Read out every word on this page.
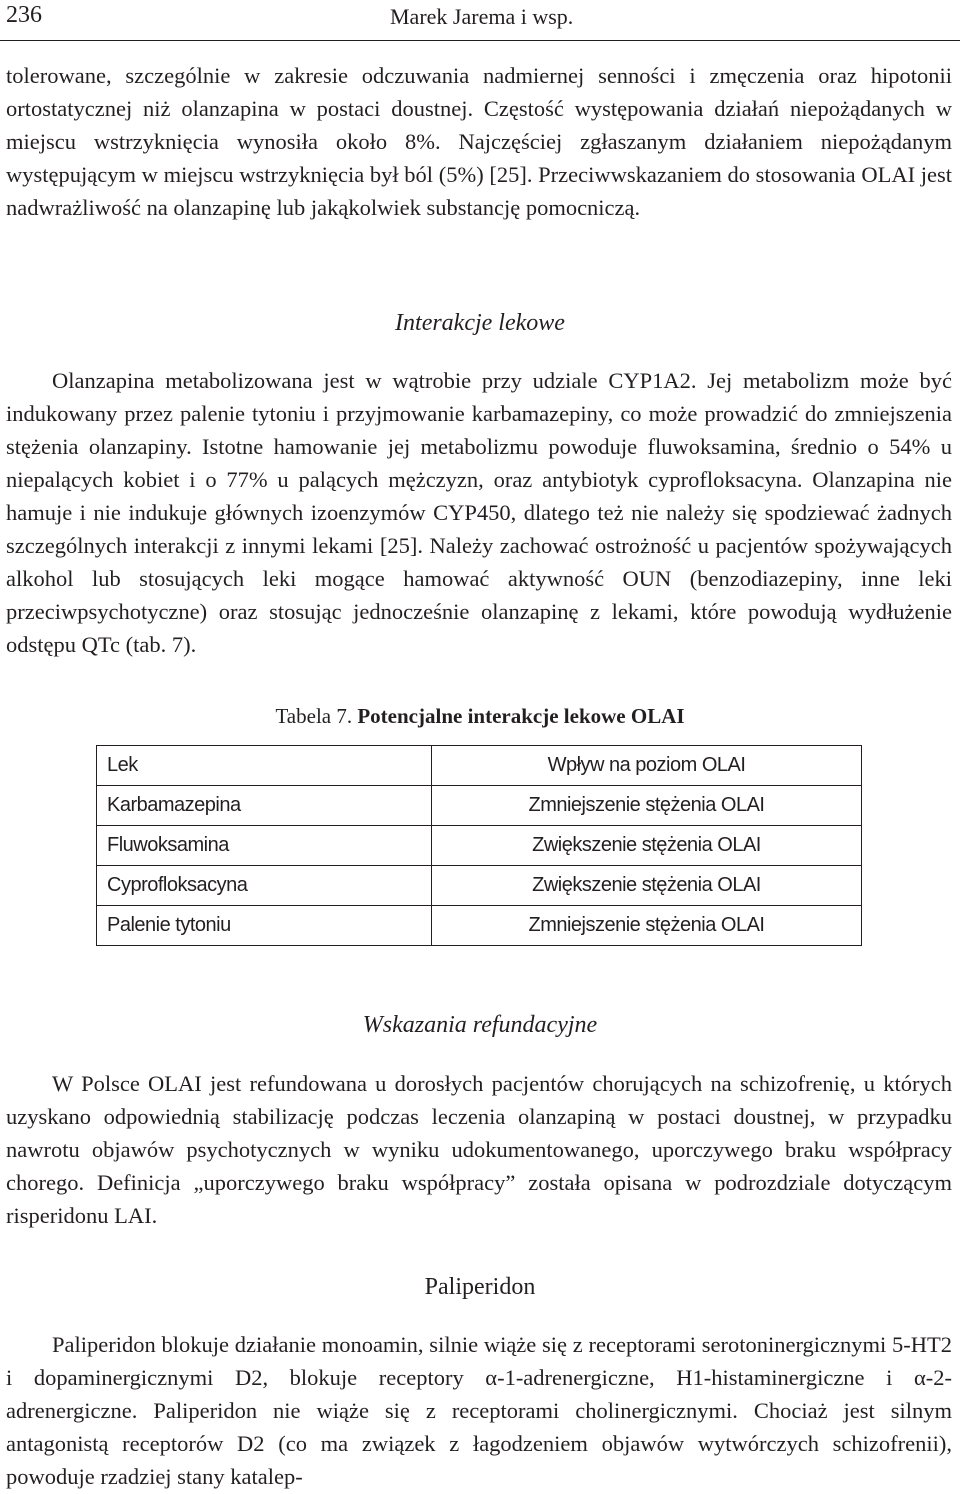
236	Marek Jarema i wsp.

tolerowane, szczególnie w zakresie odczuwania nadmiernej senności i zmęczenia oraz hipotonii ortostatycznej niż olanzapina w postaci doustnej. Częstość występowania działań niepożądanych w miejscu wstrzyknięcia wynosiła około 8%. Najczęściej zgłaszanym działaniem niepożądanym występującym w miejscu wstrzyknięcia był ból (5%) [25]. Przeciwwskazaniem do stosowania OLAI jest nadwrażliwość na olanzapinę lub jakąkolwiek substancję pomocniczą.

Interakcje lekowe

Olanzapina metabolizowana jest w wątrobie przy udziale CYP1A2. Jej metabolizm może być indukowany przez palenie tytoniu i przyjmowanie karbamazepiny, co może prowadzić do zmniejszenia stężenia olanzapiny. Istotne hamowanie jej metabolizmu powoduje fluwoksamina, średnio o 54% u niepalących kobiet i o 77% u palących mężczyzn, oraz antybiotyk cyprofloksacyna. Olanzapina nie hamuje i nie indukuje głównych izoenzymów CYP450, dlatego też nie należy się spodziewać żadnych szczególnych interakcji z innymi lekami [25]. Należy zachować ostrożność u pacjentów spożywających alkohol lub stosujących leki mogące hamować aktywność OUN (benzodiazepiny, inne leki przeciwpsychotyczne) oraz stosując jednocześnie olanzapinę z lekami, które powodują wydłużenie odstępu QTc (tab. 7).

Tabela 7. Potencjalne interakcje lekowe OLAI
Lek	Wpływ na poziom OLAI
Karbamazepina	Zmniejszenie stężenia OLAI
Fluwoksamina	Zwiększenie stężenia OLAI
Cyprofloksacyna	Zwiększenie stężenia OLAI
Palenie tytoniu	Zmniejszenie stężenia OLAI
Wskazania refundacyjne

W Polsce OLAI jest refundowana u dorosłych pacjentów chorujących na schizofrenię, u których uzyskano odpowiednią stabilizację podczas leczenia olanzapiną w postaci doustnej, w przypadku nawrotu objawów psychotycznych w wyniku udokumentowanego, uporczywego braku współpracy chorego. Definicja „uporczywego braku współpracy” została opisana w podrozdziale dotyczącym risperidonu LAI.

Paliperidon

Paliperidon blokuje działanie monoamin, silnie wiąże się z receptorami serotoninergicznymi 5-HT2 i dopaminergicznymi D2, blokuje receptory α-1-adrenergiczne, H1-histaminergiczne i α-2-adrenergiczne. Paliperidon nie wiąże się z receptorami cholinergicznymi. Chociaż jest silnym antagonistą receptorów D2 (co ma związek z łagodzeniem objawów wytwórczych schizofrenii), powoduje rzadziej stany katalep-
